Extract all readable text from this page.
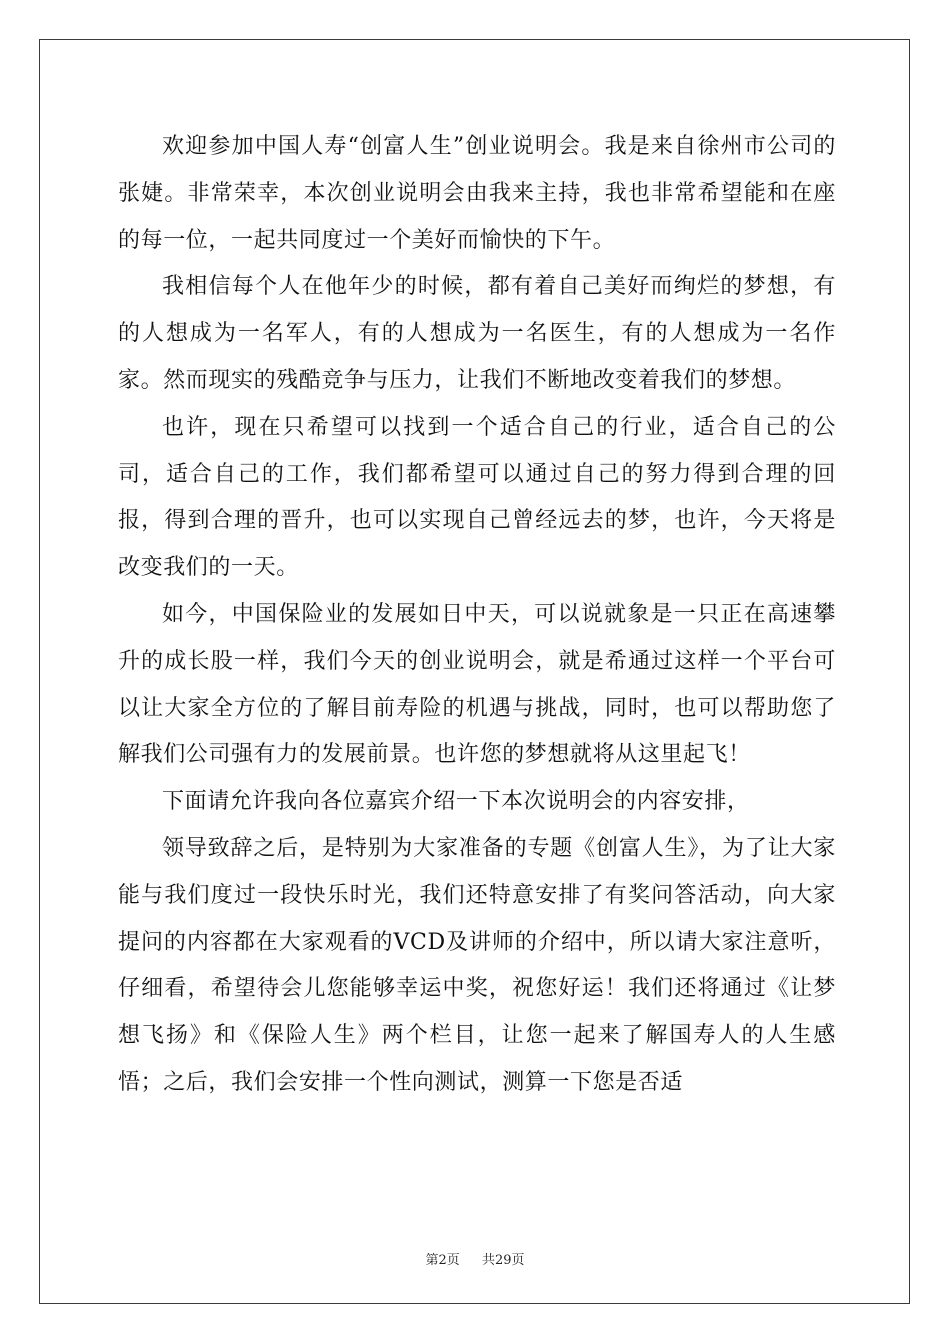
欢迎参加中国人寿“创富人生”创业说明会。我是来自徐州市公司的张婕。非常荣幸，本次创业说明会由我来主持，我也非常希望能和在座的每一位，一起共同度过一个美好而愉快的下午。

我相信每个人在他年少的时候，都有着自己美好而绚烂的梦想，有的人想成为一名军人，有的人想成为一名医生，有的人想成为一名作家。然而现实的残酷竞争与压力，让我们不断地改变着我们的梦想。

也许，现在只希望可以找到一个适合自己的行业，适合自己的公司，适合自己的工作，我们都希望可以通过自己的努力得到合理的回报，得到合理的晋升，也可以实现自己曾经远去的梦，也许，今天将是改变我们的一天。

如今，中国保险业的发展如日中天，可以说就象是一只正在高速攀升的成长股一样，我们今天的创业说明会，就是希通过这样一个平台可以让大家全方位的了解目前寿险的机遇与挑战，同时，也可以帮助您了解我们公司强有力的发展前景。也许您的梦想就将从这里起飞！

下面请允许我向各位嘉宾介绍一下本次说明会的内容安排，

领导致辞之后，是特别为大家准备的专题《创富人生》，为了让大家能与我们度过一段快乐时光，我们还特意安排了有奖问答活动，向大家提问的内容都在大家观看的VCD及讲师的介绍中，所以请大家注意听，仔细看，希望待会儿您能够幸运中奖，祝您好运！我们还将通过《让梦想飞扬》和《保险人生》两个栏目，让您一起来了解国寿人的人生感悟；之后，我们会安排一个性向测试，测算一下您是否适

第2页 共29页
